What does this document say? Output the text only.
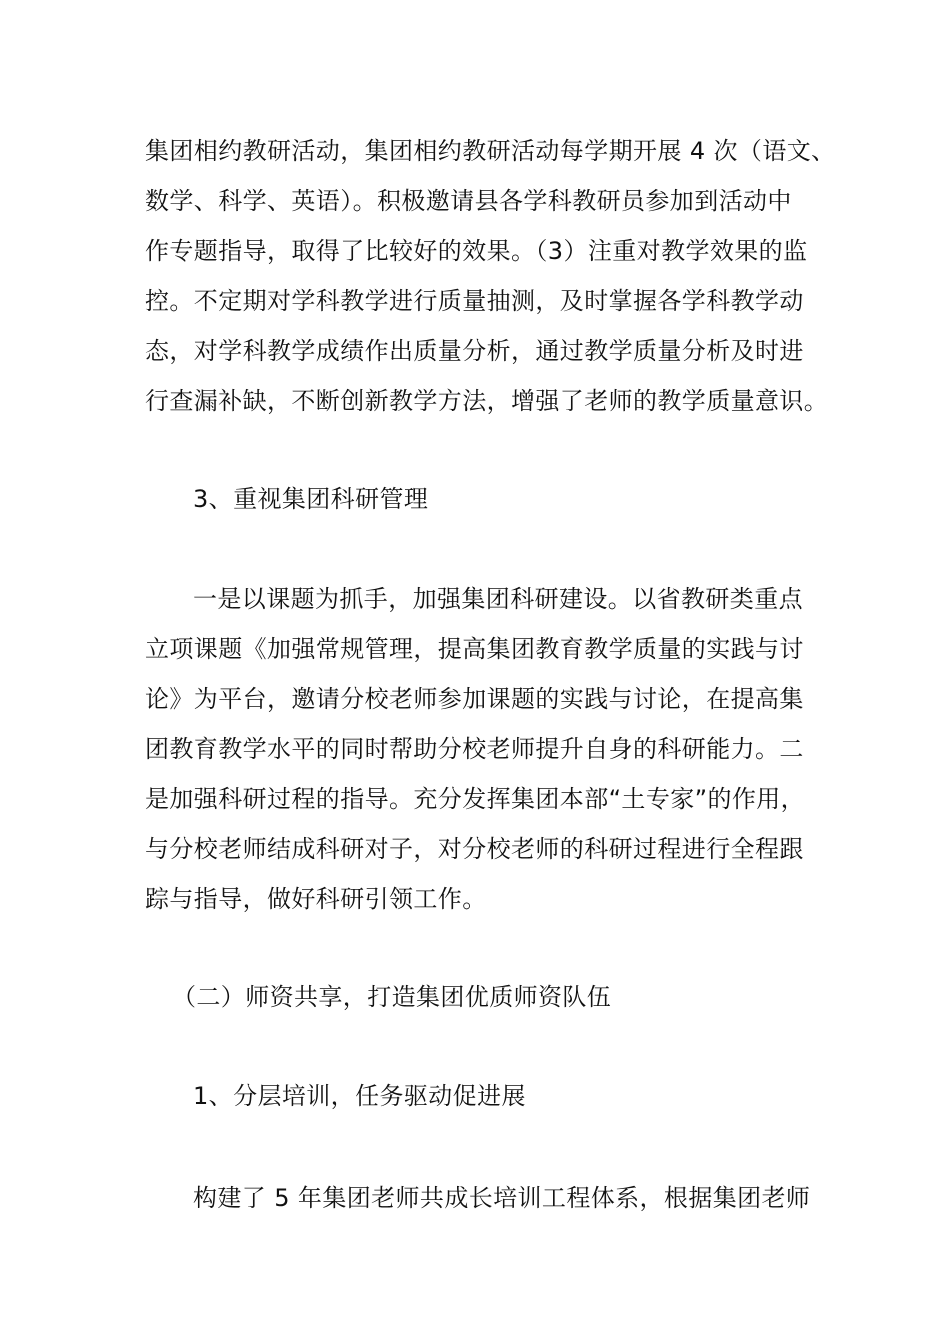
集团相约教研活动，集团相约教研活动每学期开展 4 次（语文、
数学、科学、英语）。积极邀请县各学科教研员参加到活动中
作专题指导，取得了比较好的效果。（3）注重对教学效果的监
控。不定期对学科教学进行质量抽测，及时掌握各学科教学动
态，对学科教学成绩作出质量分析，通过教学质量分析及时进
行查漏补缺，不断创新教学方法，增强了老师的教学质量意识。
3、重视集团科研管理
一是以课题为抓手，加强集团科研建设。以省教研类重点
立项课题《加强常规管理，提高集团教育教学质量的实践与讨
论》为平台，邀请分校老师参加课题的实践与讨论，在提高集
团教育教学水平的同时帮助分校老师提升自身的科研能力。二
是加强科研过程的指导。充分发挥集团本部“土专家”的作用，
与分校老师结成科研对子，对分校老师的科研过程进行全程跟
踪与指导，做好科研引领工作。
（二）师资共享，打造集团优质师资队伍
1、分层培训，任务驱动促进展
构建了 5 年集团老师共成长培训工程体系，根据集团老师
